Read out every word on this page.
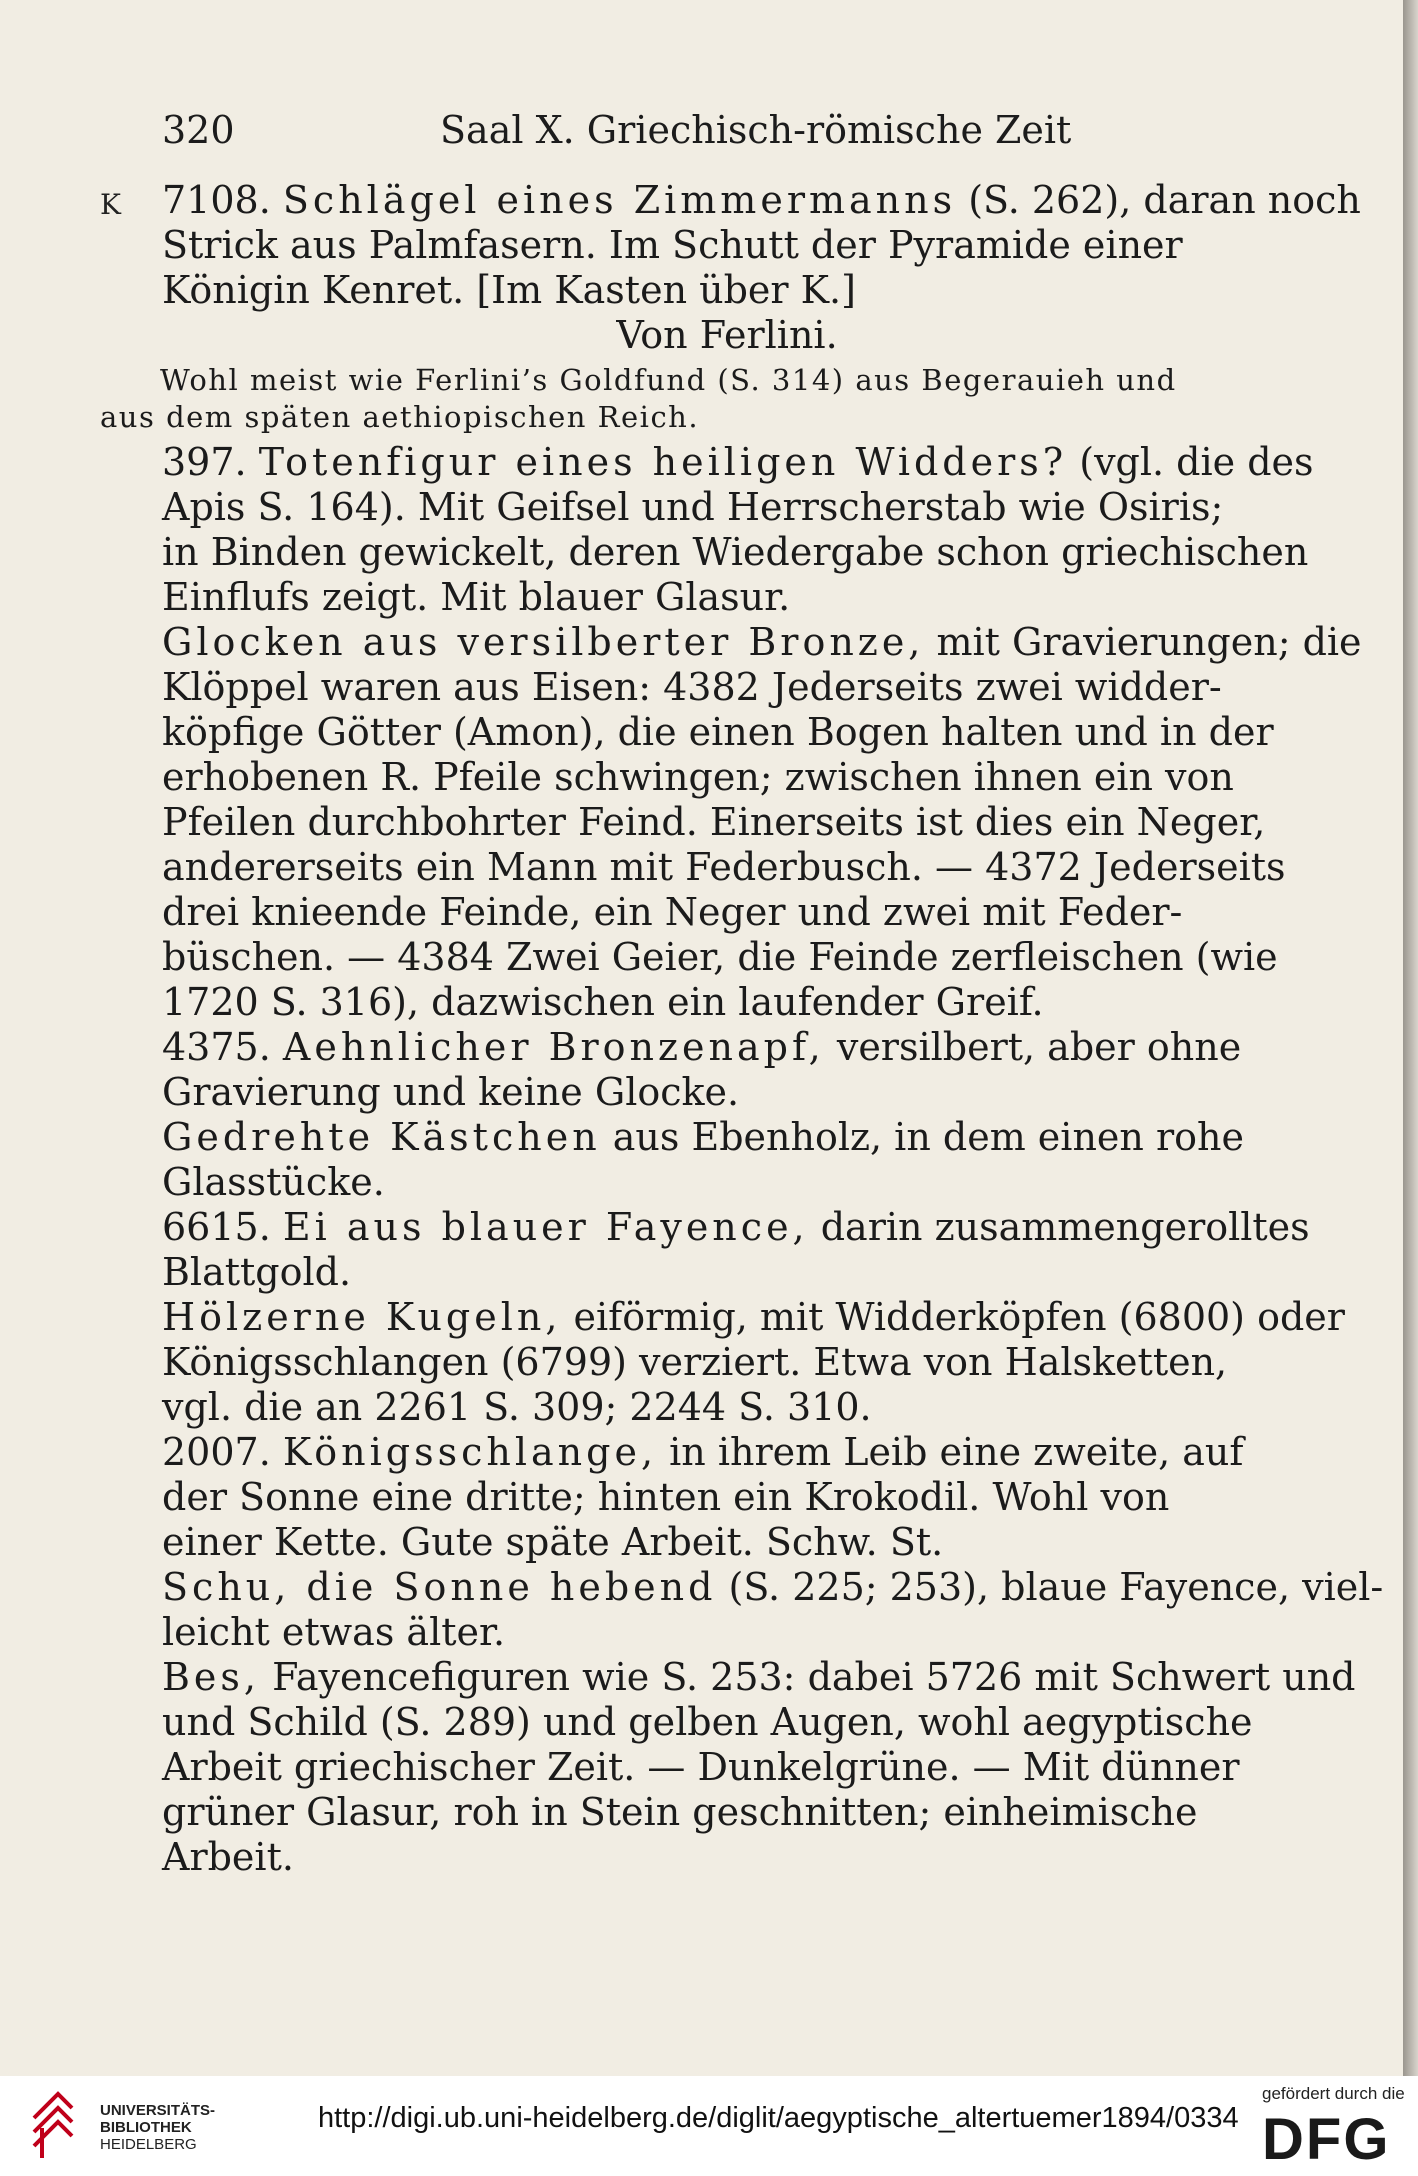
320	Saal X. Griechisch-römische Zeit
K 7108. Schlägel eines Zimmermanns (S. 262), daran noch
Strick aus Palmfasern. Im Schutt der Pyramide einer
Königin Kenret. [Im Kasten über K.]
Von Ferlini.
Wohl meist wie Ferlini’s Goldfund (S. 314) aus Begerauieh und
aus dem späten aethiopischen Reich.
397. Totenfigur eines heiligen Widders? (vgl. die des
Apis S. 164). Mit Geifsel und Herrscherstab wie Osiris;
in Binden gewickelt, deren Wiedergabe schon griechischen
Einflufs zeigt. Mit blauer Glasur.
Glocken aus versilberter Bronze, mit Gravierungen; die
Klöppel waren aus Eisen: 4382 Jederseits zwei widder-
köpfige Götter (Amon), die einen Bogen halten und in der
erhobenen R. Pfeile schwingen; zwischen ihnen ein von
Pfeilen durchbohrter Feind. Einerseits ist dies ein Neger,
andererseits ein Mann mit Federbusch. — 4372 Jederseits
drei knieende Feinde, ein Neger und zwei mit Feder-
büschen. — 4384 Zwei Geier, die Feinde zerfleischen (wie
1720 S. 316), dazwischen ein laufender Greif.
4375. Aehnlicher Bronzenapf, versilbert, aber ohne
Gravierung und keine Glocke.
Gedrehte Kästchen aus Ebenholz, in dem einen rohe
Glasstücke.
6615. Ei aus blauer Fayence, darin zusammengerolltes
Blattgold.
Hölzerne Kugeln, eiförmig, mit Widderköpfen (6800) oder
Königsschlangen (6799) verziert. Etwa von Halsketten,
vgl. die an 2261 S. 309; 2244 S. 310.
2007. Königsschlange, in ihrem Leib eine zweite, auf
der Sonne eine dritte; hinten ein Krokodil. Wohl von
einer Kette. Gute späte Arbeit. Schw. St.
Schu, die Sonne hebend (S. 225; 253), blaue Fayence, viel-
leicht etwas älter.
Bes, Fayencefiguren wie S. 253: dabei 5726 mit Schwert und
und Schild (S. 289) und gelben Augen, wohl aegyptische
Arbeit griechischer Zeit. — Dunkelgrüne. — Mit dünner
grüner Glasur, roh in Stein geschnitten; einheimische
Arbeit.
UNIVERSITÄTS-
BIBLIOTHEK
HEIDELBERG
http://digi.ub.uni-heidelberg.de/diglit/aegyptische_altertuemer1894/0334
gefördert durch die
DFG
